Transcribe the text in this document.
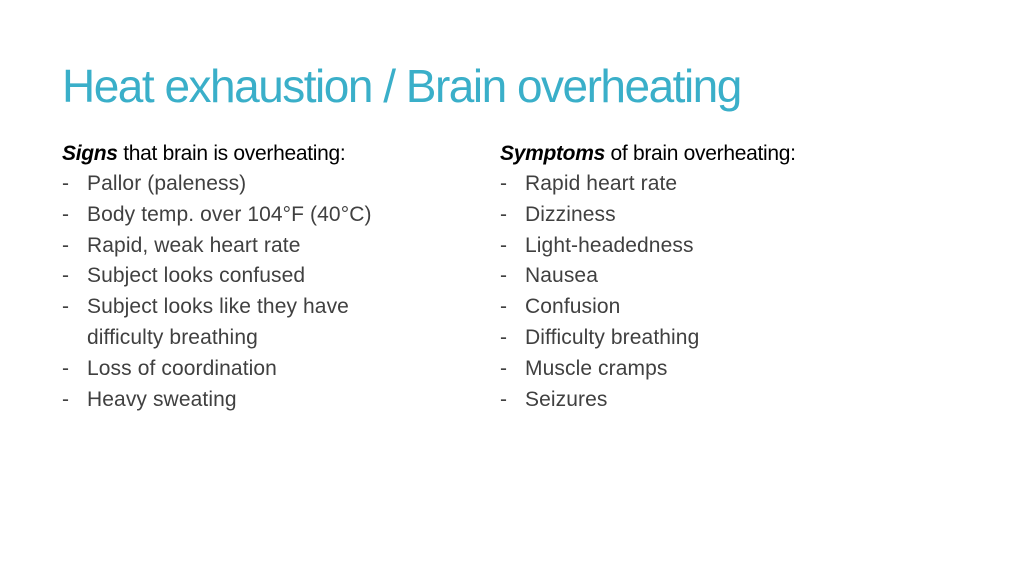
Heat exhaustion / Brain overheating
Signs that brain is overheating:
- Pallor (paleness)
- Body temp. over 104°F (40°C)
- Rapid, weak heart rate
- Subject looks confused
- Subject looks like they have difficulty breathing
- Loss of coordination
- Heavy sweating
Symptoms of brain overheating:
- Rapid heart rate
- Dizziness
- Light-headedness
- Nausea
- Confusion
- Difficulty breathing
- Muscle cramps
- Seizures
